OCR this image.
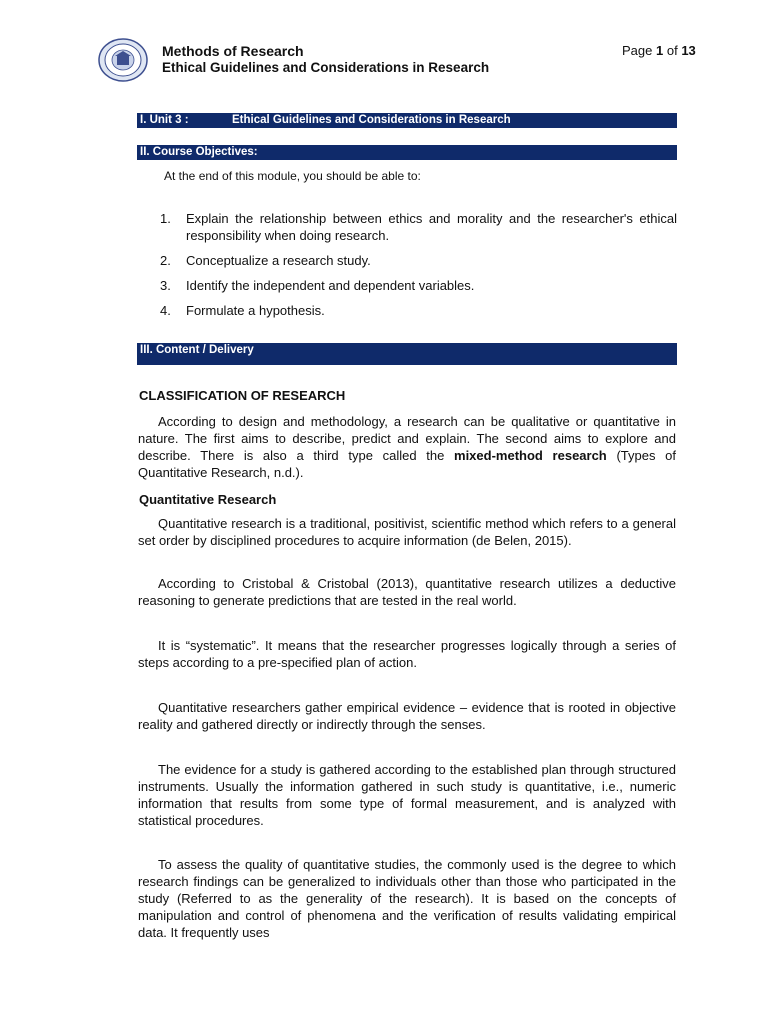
Methods of Research
Ethical Guidelines and Considerations in Research
Page 1 of 13
I. Unit 3 :	Ethical Guidelines and Considerations in Research
II. Course Objectives:
At the end of this module, you should be able to:
1. Explain the relationship between ethics and morality and the researcher's ethical responsibility when doing research.
2. Conceptualize a research study.
3. Identify the independent and dependent variables.
4. Formulate a hypothesis.
III. Content / Delivery
CLASSIFICATION OF RESEARCH
According to design and methodology, a research can be qualitative or quantitative in nature. The first aims to describe, predict and explain. The second aims to explore and describe. There is also a third type called the mixed-method research (Types of Quantitative Research, n.d.).
Quantitative Research
Quantitative research is a traditional, positivist, scientific method which refers to a general set order by disciplined procedures to acquire information (de Belen, 2015).
According to Cristobal & Cristobal (2013), quantitative research utilizes a deductive reasoning to generate predictions that are tested in the real world.
It is “systematic”. It means that the researcher progresses logically through a series of steps according to a pre-specified plan of action.
Quantitative researchers gather empirical evidence – evidence that is rooted in objective reality and gathered directly or indirectly through the senses.
The evidence for a study is gathered according to the established plan through structured instruments. Usually the information gathered in such study is quantitative, i.e., numeric information that results from some type of formal measurement, and is analyzed with statistical procedures.
To assess the quality of quantitative studies, the commonly used is the degree to which research findings can be generalized to individuals other than those who participated in the study (Referred to as the generality of the research). It is based on the concepts of manipulation and control of phenomena and the verification of results validating empirical data. It frequently uses
